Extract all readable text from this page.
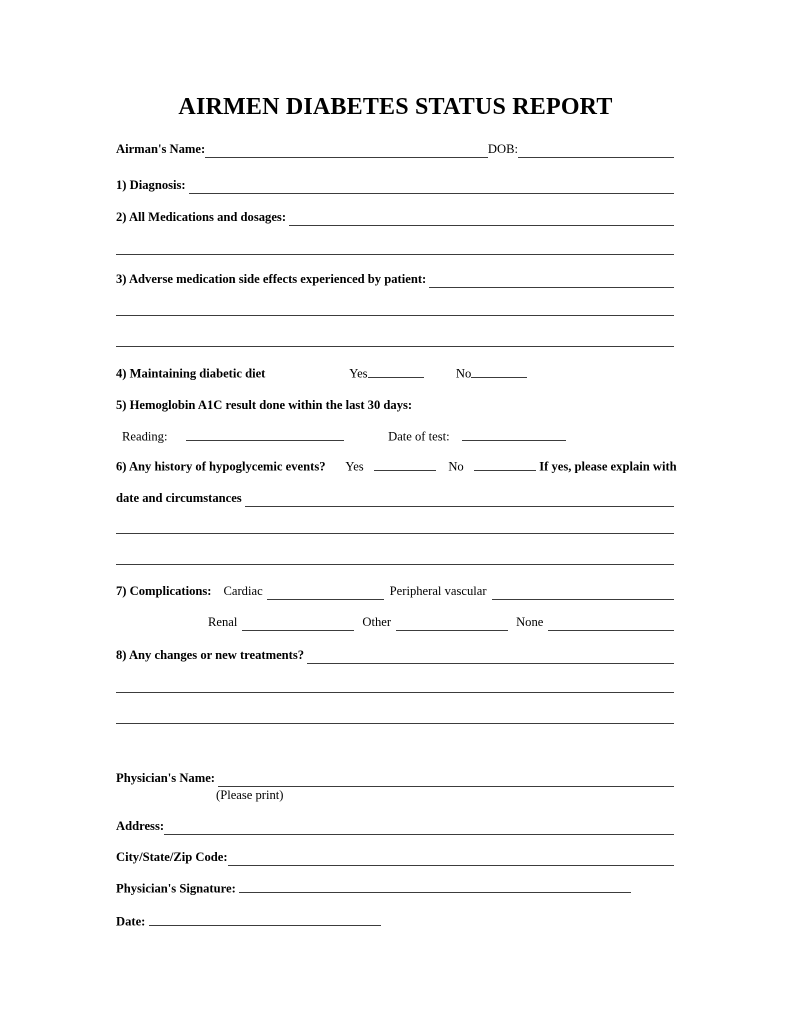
AIRMEN DIABETES STATUS REPORT
Airman's Name:	DOB:
1) Diagnosis:
2) All Medications and dosages:
3) Adverse medication side effects experienced by patient:
4) Maintaining diabetic diet	Yes	No
5) Hemoglobin A1C result done within the last 30 days:
Reading:	Date of test:
6) Any history of hypoglycemic events? Yes	No	If yes, please explain with
date and circumstances
7) Complications: Cardiac	Peripheral vascular
Renal	Other	None
8) Any changes or new treatments?
Physician's Name:
(Please print)
Address:
City/State/Zip Code:
Physician's Signature:
Date:
